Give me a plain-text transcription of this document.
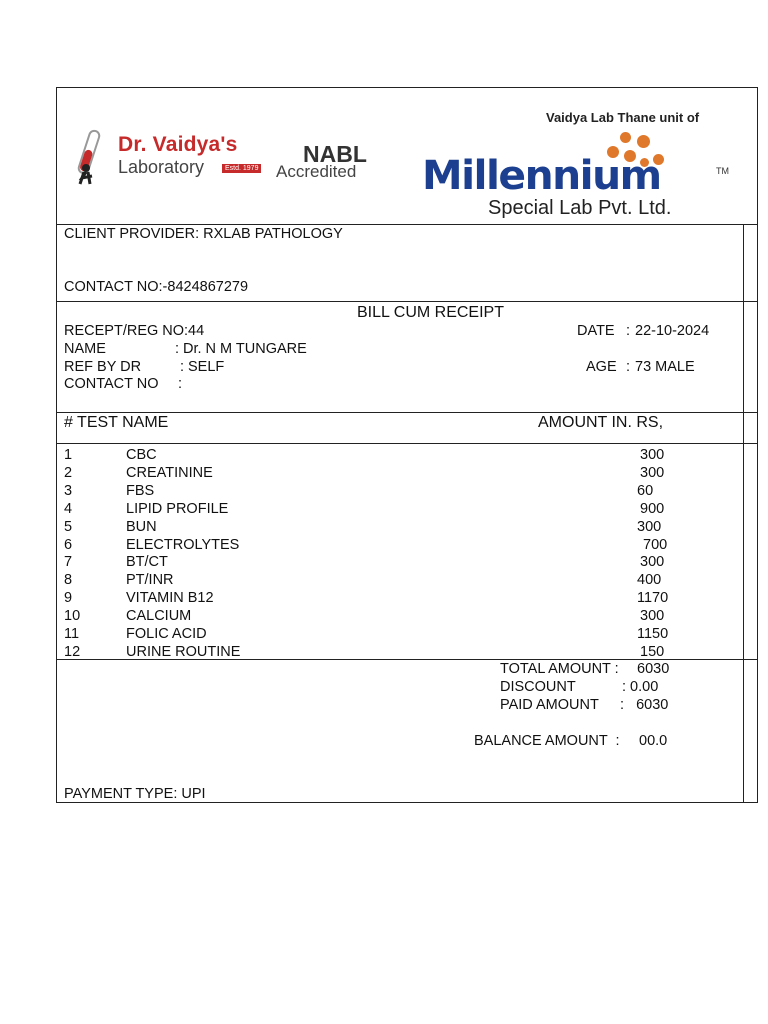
Dr. Vaidya's
Laboratory	Estd. 1979
NABL
Accredited
Vaidya Lab Thane unit of
Millennium	TM
Special Lab Pvt. Ltd.
CLIENT PROVIDER: RXLAB PATHOLOGY
CONTACT NO:-8424867279
BILL CUM RECEIPT
RECEPT/REG NO: 44	DATE : 22-10-2024
NAME	: Dr. N M TUNGARE
REF BY DR	: SELF	AGE : 73 MALE
CONTACT NO :
# TEST NAME	AMOUNT IN. RS,
1	CBC	300
2	CREATININE	300
3	FBS	60
4	LIPID PROFILE	900
5	BUN	300
6	ELECTROLYTES	700
7	BT/CT	300
8	PT/INR	400
9	VITAMIN B12	1170
10	CALCIUM	300
11	FOLIC ACID	1150
12	URINE ROUTINE	150
TOTAL AMOUNT : 6030
DISCOUNT	: 0.00
PAID AMOUNT :   6030
BALANCE AMOUNT  : 00.0
PAYMENT TYPE: UPI
